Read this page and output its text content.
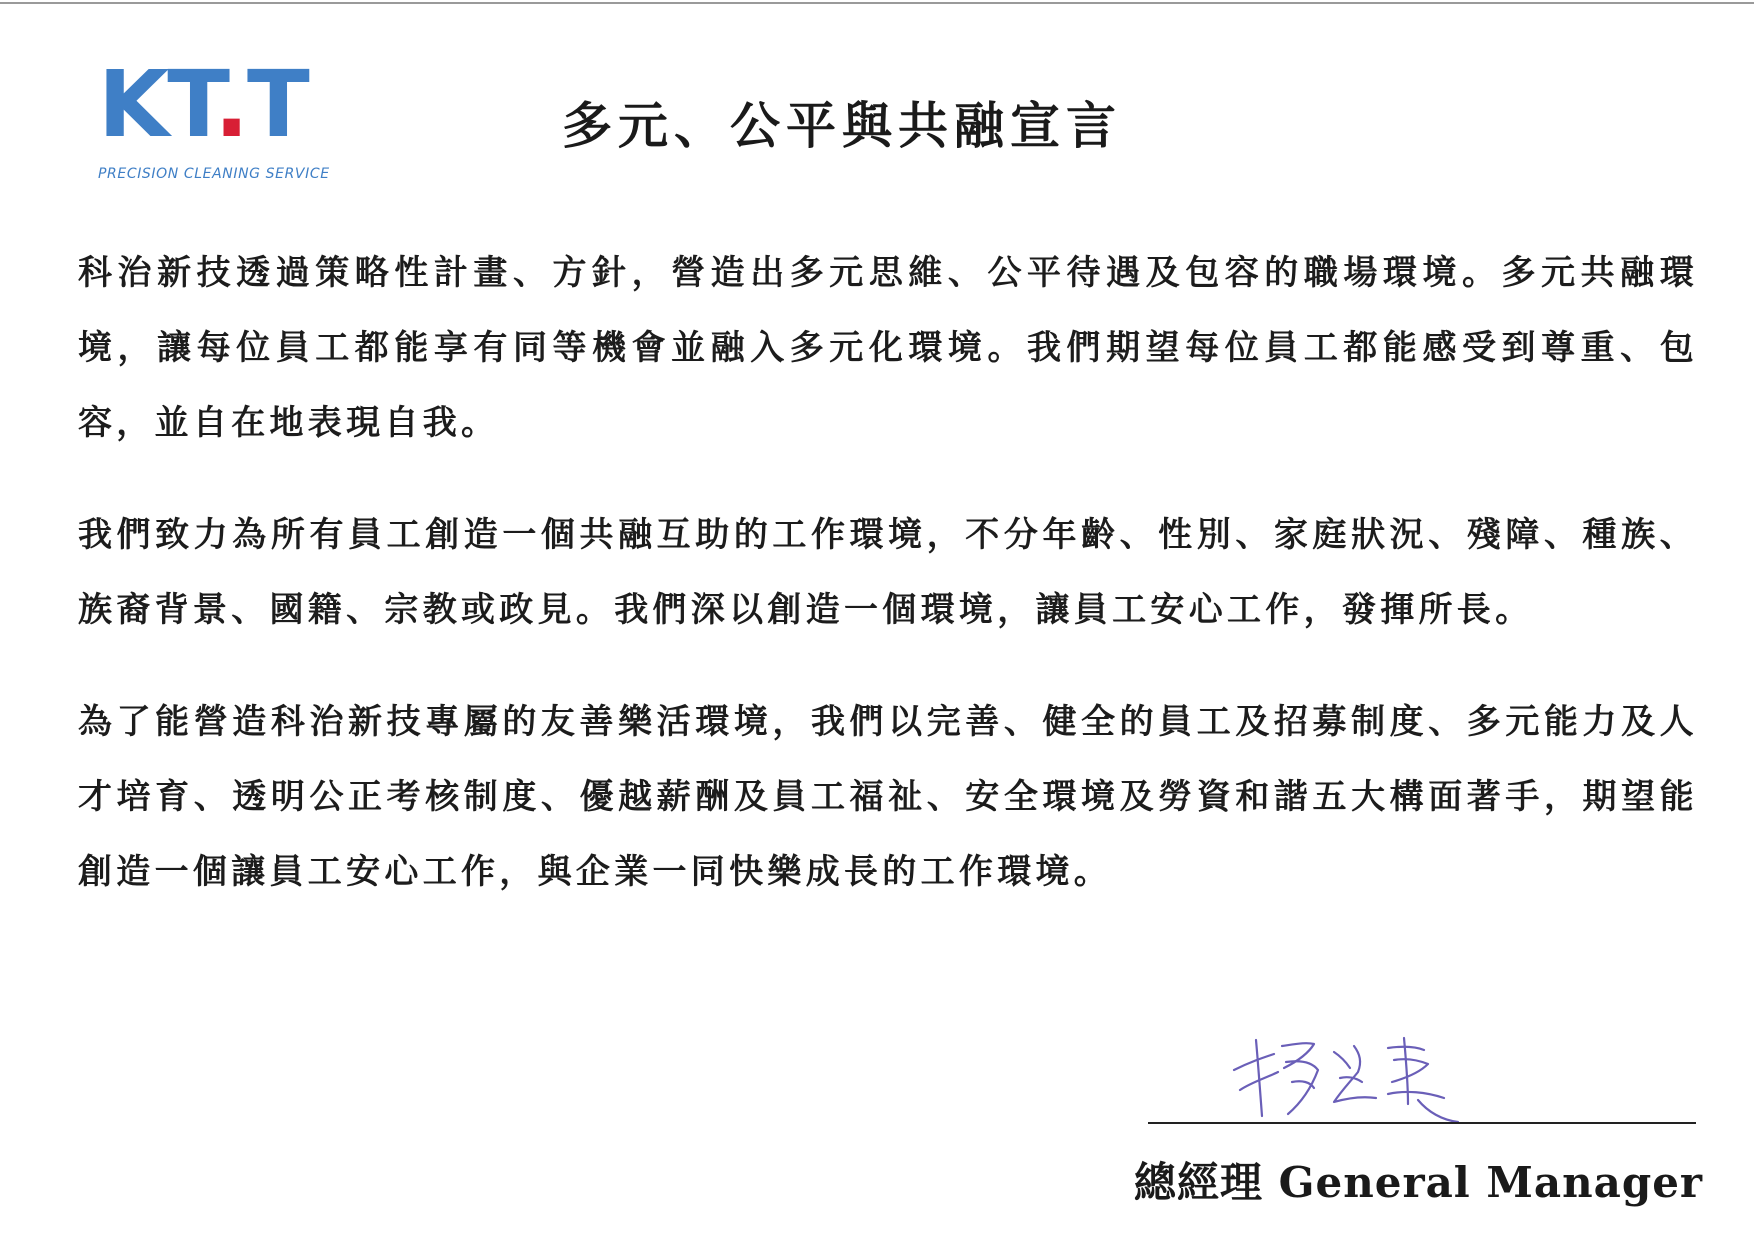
KT.T
PRECISION CLEANING SERVICE
多元、公平與共融宣言

科治新技透過策略性計畫、方針，營造出多元思維、公平待遇及包容的職場環境。多元共融環境，讓每位員工都能享有同等機會並融入多元化環境。我們期望每位員工都能感受到尊重、包容，並自在地表現自我。

我們致力為所有員工創造一個共融互助的工作環境，不分年齡、性別、家庭狀況、殘障、種族、族裔背景、國籍、宗教或政見。我們深以創造一個環境，讓員工安心工作，發揮所長。

為了能營造科治新技專屬的友善樂活環境，我們以完善、健全的員工及招募制度、多元能力及人才培育、透明公正考核制度、優越薪酬及員工福祉、安全環境及勞資和諧五大構面著手，期望能創造一個讓員工安心工作，與企業一同快樂成長的工作環境。

總經理 General Manager
